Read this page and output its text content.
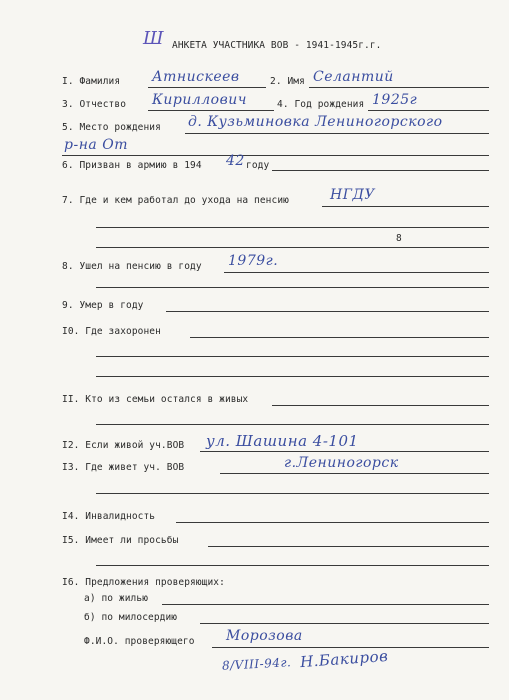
Ш АНКЕТА УЧАСТНИКА ВОВ - 1941-1945г.г.
I. Фамилия Атнискеев	2. Имя Селантий
3. Отчество Кириллович	4. Год рождения 1925г
5. Место рождения д. Кузьминовка Лениногорского
р-на От
6. Призван в армию в 194 42 году
7. Где и кем работал до ухода на пенсию	НГДУ
8
8. Ушел на пенсию в году 1979г.
9. Умер в году
I0. Где захоронен
II. Кто из семьи остался в живых
I2. Если живой уч.ВОВ ул. Шашина 4-101
I3. Где живет уч. ВОВ	г.Лениногорск
I4. Инвалидность
I5. Имеет ли просьбы
I6. Предложения проверяющих:
а) по жилью
б) по милосердию
Ф.И.О. проверяющего Морозова
8/VIII-94г. Н.Бакиров
